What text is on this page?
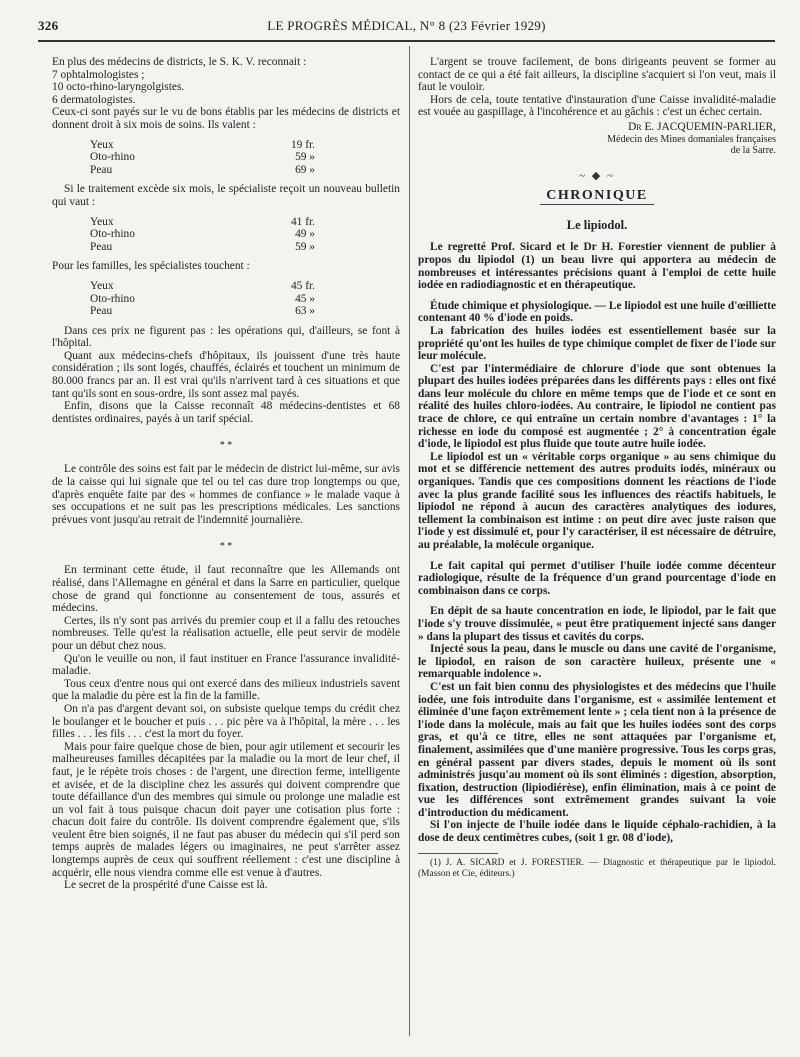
326	LE PROGRÈS MÉDICAL, N° 8 (23 Février 1929)

En plus des médecins de districts, le S. K. V. reconnait :

7 ophtalmologistes ;

10 octo-rhino-laryngolgistes.

6 dermatologistes.

Ceux-ci sont payés sur le vu de bons établis par les médecins de districts et donnent droit à six mois de soins. Ils valent :

Yeux	19 fr.
Oto-rhino	59 »
Peau	69 »

Si le traitement excède six mois, le spécialiste reçoit un nouveau bulletin qui vaut :

Yeux	41 fr.
Oto-rhino	49 »
Peau	59 »

Pour les familles, les spécialistes touchent :

Yeux	45 fr.
Oto-rhino	45 »
Peau	63 »

Dans ces prix ne figurent pas : les opérations qui, d'ailleurs, se font à l'hôpital.

Quant aux médecins-chefs d'hôpitaux, ils jouissent d'une très haute considération ; ils sont logés, chauffés, éclairés et touchent un minimum de 80.000 francs par an. Il est vrai qu'ils n'arrivent tard à ces situations et que tant qu'ils sont en sous-ordre, ils sont assez mal payés.

Enfin, disons que la Caisse reconnaît 48 médecins-dentistes et 68 dentistes ordinaires, payés à un tarif spécial.

* *

Le contrôle des soins est fait par le médecin de district lui-même, sur avis de la caisse qui lui signale que tel ou tel cas dure trop longtemps ou que, d'après enquête faite par des « hommes de confiance » le malade vaque à ses occupations et ne suit pas les prescriptions médicales. Les sanctions prévues vont jusqu'au retrait de l'indemnité journalière.

* *

En terminant cette étude, il faut reconnaître que les Allemands ont réalisé, dans l'Allemagne en général et dans la Sarre en particulier, quelque chose de grand qui fonctionne au consentement de tous, assurés et médecins.

Certes, ils n'y sont pas arrivés du premier coup et il a fallu des retouches nombreuses. Telle qu'est la réalisation actuelle, elle peut servir de modèle pour un début chez nous.

Qu'on le veuille ou non, il faut instituer en France l'assurance invalidité-maladie.

Tous ceux d'entre nous qui ont exercé dans des milieux industriels savent que la maladie du père est la fin de la famille.

On n'a pas d'argent devant soi, on subsiste quelque temps du crédit chez le boulanger et le boucher et puis . . . pic père va à l'hôpital, la mère . . . les filles . . . les fils . . . c'est la mort du foyer.

Mais pour faire quelque chose de bien, pour agir utilement et secourir les malheureuses familles décapitées par la maladie ou la mort de leur chef, il faut, je le répète trois choses : de l'argent, une direction ferme, intelligente et avisée, et de la discipline chez les assurés qui doivent comprendre que toute défaillance d'un des membres qui simule ou prolonge une maladie est un vol fait à tous puisque chacun doit payer une cotisation plus forte : chacun doit faire du contrôle. Ils doivent comprendre également que, s'ils veulent être bien soignés, il ne faut pas abuser du médecin qui s'il perd son temps auprès de malades légers ou imaginaires, ne peut s'arrêter assez longtemps auprès de ceux qui souffrent réellement : c'est une discipline à acquérir, elle nous viendra comme elle est venue à d'autres.

Le secret de la prospérité d'une Caisse est là.

L'argent se trouve facilement, de bons dirigeants peuvent se former au contact de ce qui a été fait ailleurs, la discipline s'acquiert si l'on veut, mais il faut le vouloir.

Hors de cela, toute tentative d'instauration d'une Caisse invalidité-maladie est vouée au gaspillage, à l'incohérence et au gâchis : c'est un échec certain.

Dr E. JACQUEMIN-PARLIER,
Médecin des Mines domaniales françaises
de la Sarre.
~ ◆ ~
CHRONIQUE
Le lipiodol.

Le regretté Prof. Sicard et le Dr H. Forestier viennent de publier à propos du lipiodol (1) un beau livre qui apportera au médecin de nombreuses et intéressantes précisions quant à l'emploi de cette huile iodée en radiodiagnostic et en thérapeutique.

Étude chimique et physiologique. — Le lipiodol est une huile d'œilliette contenant 40 % d'iode en poids.

La fabrication des huiles iodées est essentiellement basée sur la propriété qu'ont les huiles de type chimique complet de fixer de l'iode sur leur molécule.

C'est par l'intermédiaire de chlorure d'iode que sont obtenues la plupart des huiles iodées préparées dans les différents pays : elles ont fixé dans leur molécule du chlore en même temps que de l'iode et ce sont en réalité des huiles chloro-iodées. Au contraire, le lipiodol ne contient pas trace de chlore, ce qui entraîne un certain nombre d'avantages : 1° la richesse en iode du composé est augmentée ; 2° à concentration égale d'iode, le lipiodol est plus fluide que toute autre huile iodée.

Le lipiodol est un « véritable corps organique » au sens chimique du mot et se différencie nettement des autres produits iodés, minéraux ou organiques. Tandis que ces compositions donnent les réactions de l'iode avec la plus grande facilité sous les influences des réactifs habituels, le lipiodol ne répond à aucun des caractères analytiques des iodures, tellement la combinaison est intime : on peut dire avec juste raison que l'iode y est dissimulé et, pour l'y caractériser, il est nécessaire de détruire, au préalable, la molécule organique.

Le fait capital qui permet d'utiliser l'huile iodée comme décenteur radiologique, résulte de la fréquence d'un grand pourcentage d'iode en combinaison dans ce corps.

En dépit de sa haute concentration en iode, le lipiodol, par le fait que l'iode s'y trouve dissimulée, « peut être pratiquement injecté sans danger » dans la plupart des tissus et cavités du corps.

Injecté sous la peau, dans le muscle ou dans une cavité de l'organisme, le lipiodol, en raison de son caractère huileux, présente une « remarquable indolence ».

C'est un fait bien connu des physiologistes et des médecins que l'huile iodée, une fois introduite dans l'organisme, est « assimilée lentement et éliminée d'une façon extrêmement lente » ; cela tient non à la présence de l'iode dans la molécule, mais au fait que les huiles iodées sont des corps gras, et qu'à ce titre, elles ne sont attaquées par l'organisme et, finalement, assimilées que d'une manière progressive. Tous les corps gras, en général passent par divers stades, depuis le moment où ils sont administrés jusqu'au moment où ils sont éliminés : digestion, absorption, fixation, destruction (lipiodiérèse), enfin élimination, mais à ce point de vue les différences sont extrêmement grandes suivant la voie d'introduction du médicament.

Si l'on injecte de l'huile iodée dans le liquide céphalo-rachidien, à la dose de deux centimètres cubes, (soit 1 gr. 08 d'iode),

(1) J. A. SICARD et J. FORESTIER. — Diagnostic et thérapeutique par le lipiodol. (Masson et Cie, éditeurs.)
